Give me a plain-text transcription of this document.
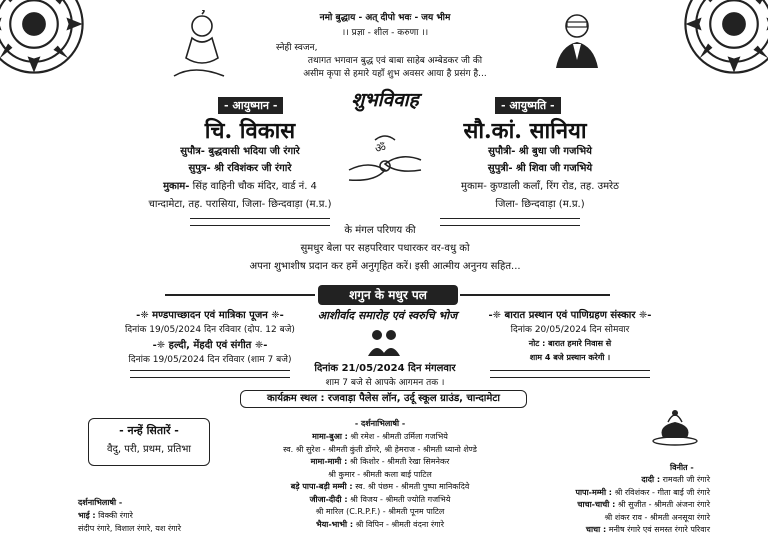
नमो बुद्धाय - अत् दीपो भवः - जय भीम
।। प्रज्ञा - शील - करुणा ।।
स्नेही स्वजन,
तथागत भगवान बुद्ध एवं बाबा साहेब अम्बेडकर जी की
असीम कृपा से हमारे यहाँ शुभ अवसर आया है प्रसंग है...
शुभविवाह
ॐ
- आयुष्मान -
चि. विकास
सुपौत्र- बुद्धवासी भदिया जी रंगारे
सुपुत्र- श्री रविशंकर जी रंगारे
मुकाम- सिंह वाहिनी चौक मंदिर, वार्ड नं. 4
चान्दामेटा, तह. परासिया, जिला- छिन्दवाड़ा (म.प्र.)
- आयुष्मति -
सौ.कां. सानिया
सुपौत्री- श्री बुधा जी गजभिये
सुपुत्री- श्री शिवा जी गजभिये
मुकाम- कुण्डाली कलॉं, रिंग रोड, तह. उमरेठ
जिला- छिन्दवाड़ा (म.प्र.)
के मंगल परिणय की
सुमधुर बेला पर सहपरिवार पधारकर वर-वधु को
अपना शुभाशीष प्रदान कर हमें अनुगृहित करें। इसी आत्मीय अनुनय सहित...
शगुन के मधुर पल
-❈ मण्डपाच्छादन एवं मात्रिका पूजन ❈-
दिनांक 19/05/2024 दिन रविवार (दोप. 12 बजे)
-❈ हल्दी, मेंहदी एवं संगीत ❈-
दिनांक 19/05/2024 दिन रविवार (शाम 7 बजे)
आशीर्वाद समारोह एवं स्वरुचि भोज
दिनांक 21/05/2024 दिन मंगलवार
शाम 7 बजे से आपके आगमन तक ।
-❈ बारात प्रस्थान एवं पाणिग्रहण संस्कार ❈-
दिनांक 20/05/2024 दिन सोमवार
नोट : बारात हमारे निवास से
शाम 4 बजे प्रस्थान करेगी ।
कार्यक्रम स्थल : रजवाड़ा पैलेस लॉन, उर्दू स्कूल ग्राउंड, चान्दामेटा
- नन्हें सितारें -
वैदु, परी, प्रथम, प्रतिभा
- दर्शनाभिलाषी -
मामा-बुआ : श्री रमेश - श्रीमती उर्मिला गजभिये
स्व. श्री सुरेश - श्रीमती कुंती डोंगरे, श्री हेमराज - श्रीमती ध्यानो शेण्डे
मामा-मामी : श्री किशोर - श्रीमती रेखा सिमनेकर
श्री कुमार - श्रीमती कला बाई पाटिल
बड़े पापा-बड़ी मम्मी : स्व. श्री पंछम - श्रीमती पुष्पा मानिकदिवे
जीजा-दीदी : श्री विजय - श्रीमती ज्योति गजभिये
श्री मारिल (C.R.P.F.) - श्रीमती पूनम पाटिल
भैया-भाभी : श्री विपिन - श्रीमती वंदना रंगारे
दर्शनाभिलाषी -
भाई : विक्की रंगारे
संदीप रंगारे, विशाल रंगारे, यश रंगारे
विनीत -
दादी : रामवती जी रंगारे
पापा-मम्मी : श्री रविशंकर - गीता बाई जी रंगारे
चाचा-चाची : श्री सुजीत - श्रीमती अंजना रंगारे
श्री शंकर राव - श्रीमती अनसूया रंगारे
चाचा : मनीष रंगारे एवं समस्त रंगारे परिवार
